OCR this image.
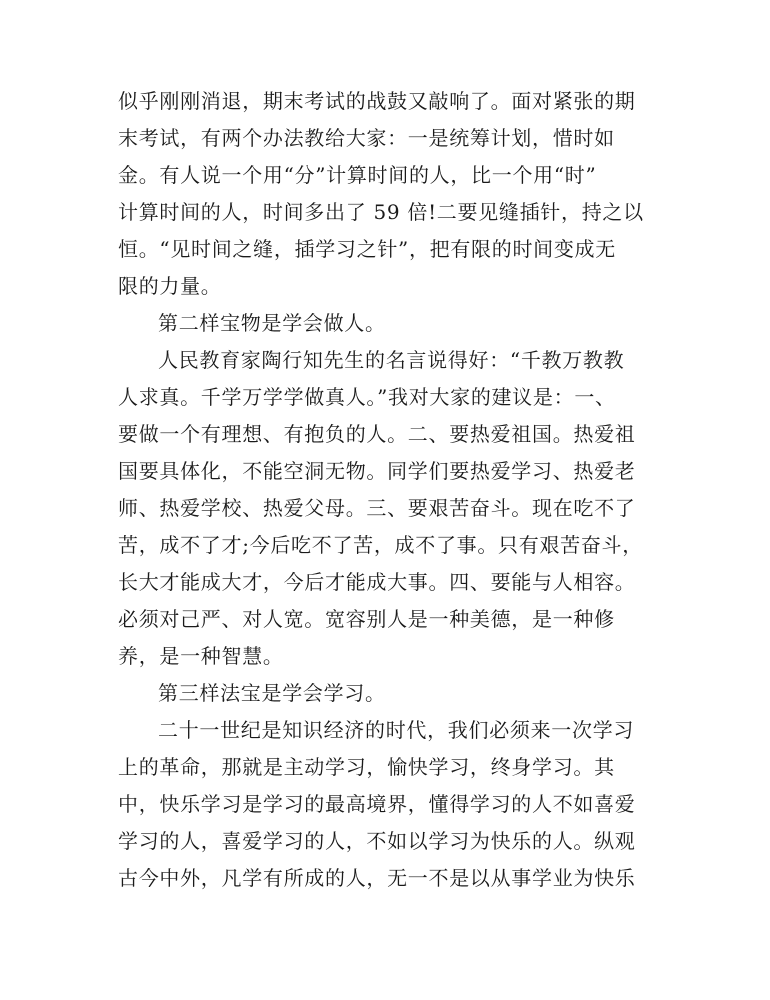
似乎刚刚消退，期末考试的战鼓又敲响了。面对紧张的期
末考试，有两个办法教给大家：一是统筹计划，惜时如
金。有人说一个用“分”计算时间的人，比一个用“时”
计算时间的人，时间多出了 59 倍!二要见缝插针，持之以
恒。“见时间之缝，插学习之针”，把有限的时间变成无
限的力量。
第二样宝物是学会做人。
人民教育家陶行知先生的名言说得好：“千教万教教
人求真。千学万学学做真人。”我对大家的建议是：一、
要做一个有理想、有抱负的人。二、要热爱祖国。热爱祖
国要具体化，不能空洞无物。同学们要热爱学习、热爱老
师、热爱学校、热爱父母。三、要艰苦奋斗。现在吃不了
苦，成不了才;今后吃不了苦，成不了事。只有艰苦奋斗，
长大才能成大才，今后才能成大事。四、要能与人相容。
必须对己严、对人宽。宽容别人是一种美德，是一种修
养，是一种智慧。
第三样法宝是学会学习。
二十一世纪是知识经济的时代，我们必须来一次学习
上的革命，那就是主动学习，愉快学习，终身学习。其
中，快乐学习是学习的最高境界，懂得学习的人不如喜爱
学习的人，喜爱学习的人，不如以学习为快乐的人。纵观
古今中外，凡学有所成的人，无一不是以从事学业为快乐
